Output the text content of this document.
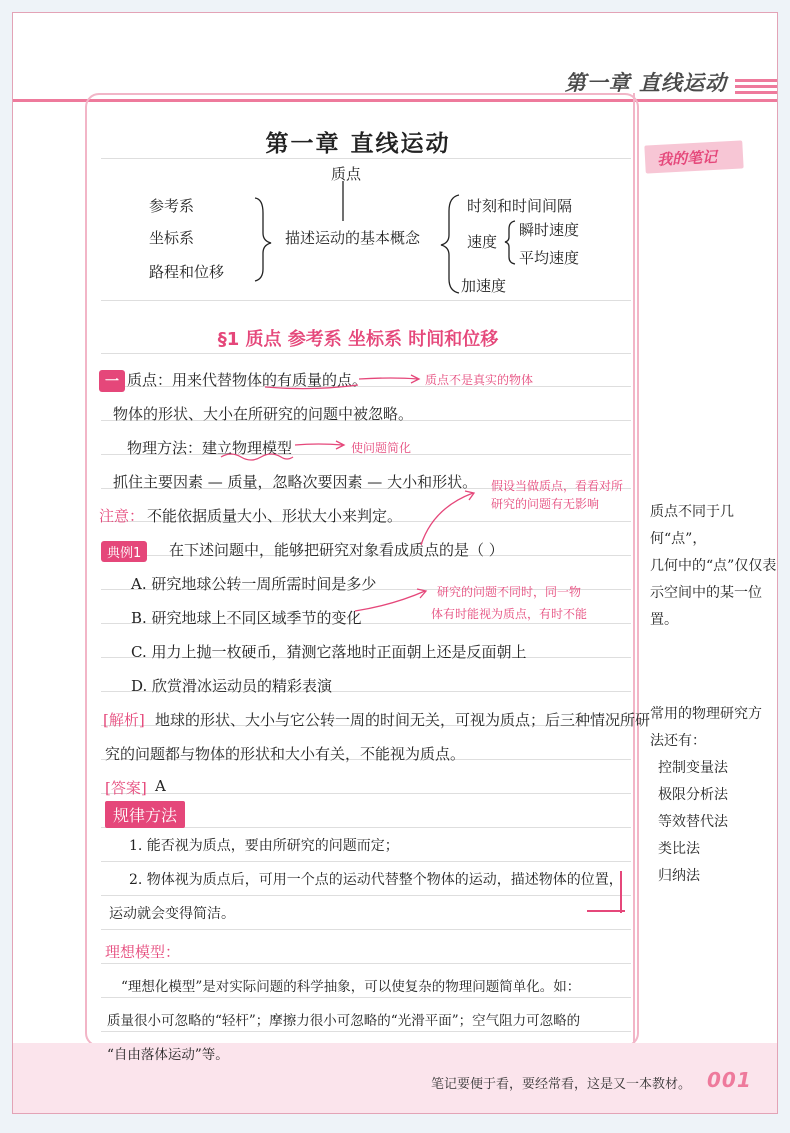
第一章 直线运动
我的笔记
第一章 直线运动
质点
参考系
坐标系
路程和位移
描述运动的基本概念
时刻和时间间隔
速度
加速度
瞬时速度
平均速度
§1 质点 参考系 坐标系 时间和位移
一 质点：用来代替物体的有质量的点。	质点不是真实的物体
物体的形状、大小在所研究的问题中被忽略。
物理方法：建立物理模型	使问题简化
抓住主要因素 — 质量，忽略次要因素 — 大小和形状。 假设当做质点，看看对所
研究的问题有无影响
注意： 不能依据质量大小、形状大小来判定。
典例1	在下述问题中，能够把研究对象看成质点的是（ ）
A. 研究地球公转一周所需时间是多少
B. 研究地球上不同区域季节的变化
研究的问题不同时，同一物
体有时能视为质点，有时不能
C. 用力上抛一枚硬币，猜测它落地时正面朝上还是反面朝上
D. 欣赏滑冰运动员的精彩表演
[解析] 地球的形状、大小与它公转一周的时间无关，可视为质点；后三种情况所研
究的问题都与物体的形状和大小有关，不能视为质点。
[答案] A
规律方法
1. 能否视为质点，要由所研究的问题而定；
2. 物体视为质点后，可用一个点的运动代替整个物体的运动，描述物体的位置，
运动就会变得简洁。
理想模型：
“理想化模型”是对实际问题的科学抽象，可以使复杂的物理问题简单化。如：
质量很小可忽略的“轻杆”；摩擦力很小可忽略的“光滑平面”；空气阻力可忽略的
“自由落体运动”等。
质点不同于几何“点”，
几何中的“点”仅仅表
示空间中的某一位置。
常用的物理研究方
法还有：
控制变量法
极限分析法
等效替代法
类比法
归纳法
笔记要便于看，要经常看，这是又一本教材。 001
